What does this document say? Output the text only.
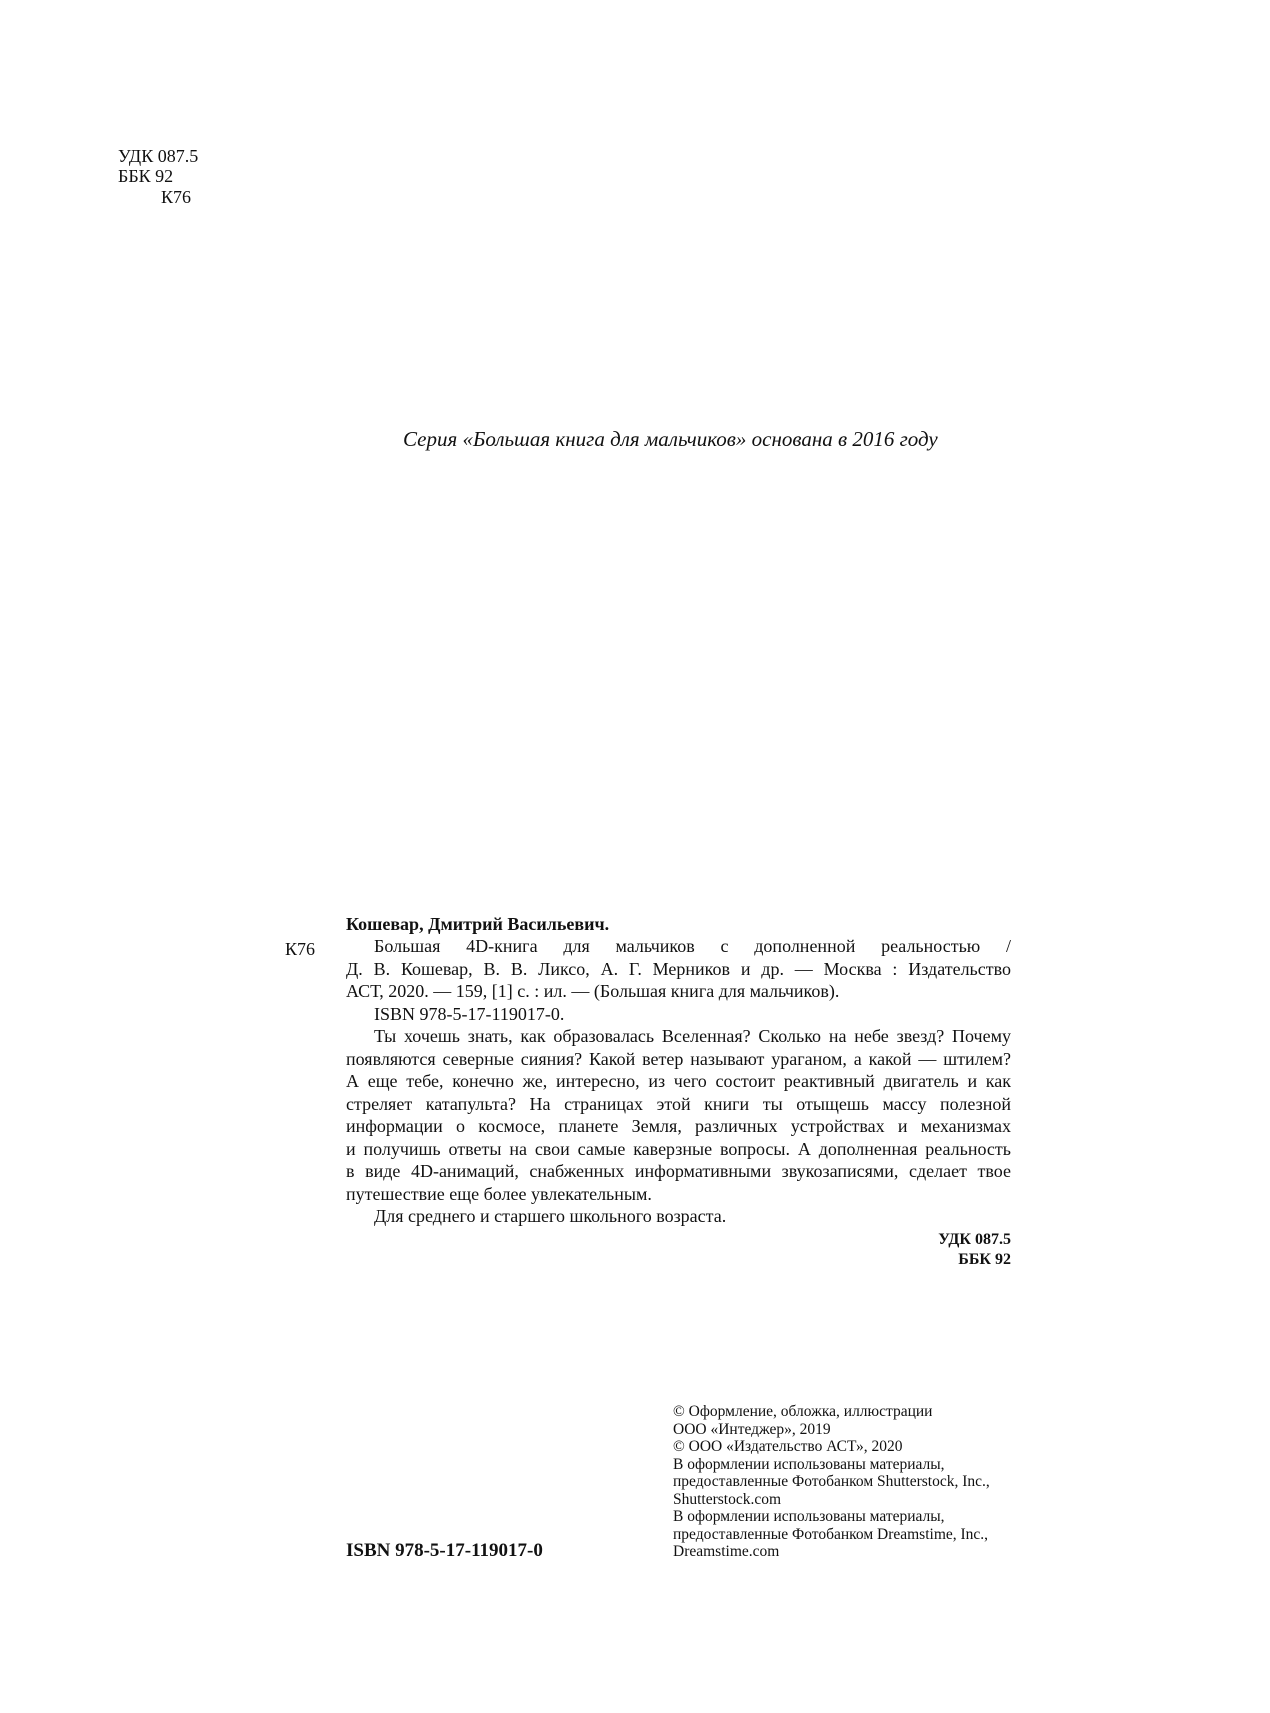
УДК 087.5
ББК 92
К76
Серия «Большая книга для мальчиков» основана в 2016 году
Кошевар, Дмитрий Васильевич.
К76	Большая 4D-книга для мальчиков с дополненной реальностью /

Д. В. Кошевар, В. В. Ликсо, А. Г. Мерников и др. — Москва : Издательство

АСТ, 2020. — 159, [1] с. : ил. — (Большая книга для мальчиков).

ISBN 978-5-17-119017-0.

Ты хочешь знать, как образовалась Вселенная? Сколько на небе звезд? Почему

появляются северные сияния? Какой ветер называют ураганом, а какой — штилем?

А еще тебе, конечно же, интересно, из чего состоит реактивный двигатель и как

стреляет катапульта? На страницах этой книги ты отыщешь массу полезной

информации о космосе, планете Земля, различных устройствах и механизмах

и получишь ответы на свои самые каверзные вопросы. А дополненная реальность

в виде 4D-анимаций, снабженных информативными звукозаписями, сделает твое

путешествие еще более увлекательным.

Для среднего и старшего школьного возраста.

УДК 087.5
ББК 92
© Оформление, обложка, иллюстрации
ООО «Интеджер», 2019
© ООО «Издательство АСТ», 2020
В оформлении использованы материалы,
предоставленные Фотобанком Shutterstock, Inc.,
Shutterstock.com
В оформлении использованы материалы,
предоставленные Фотобанком Dreamstime, Inc.,
Dreamstime.com
ISBN 978-5-17-119017-0
